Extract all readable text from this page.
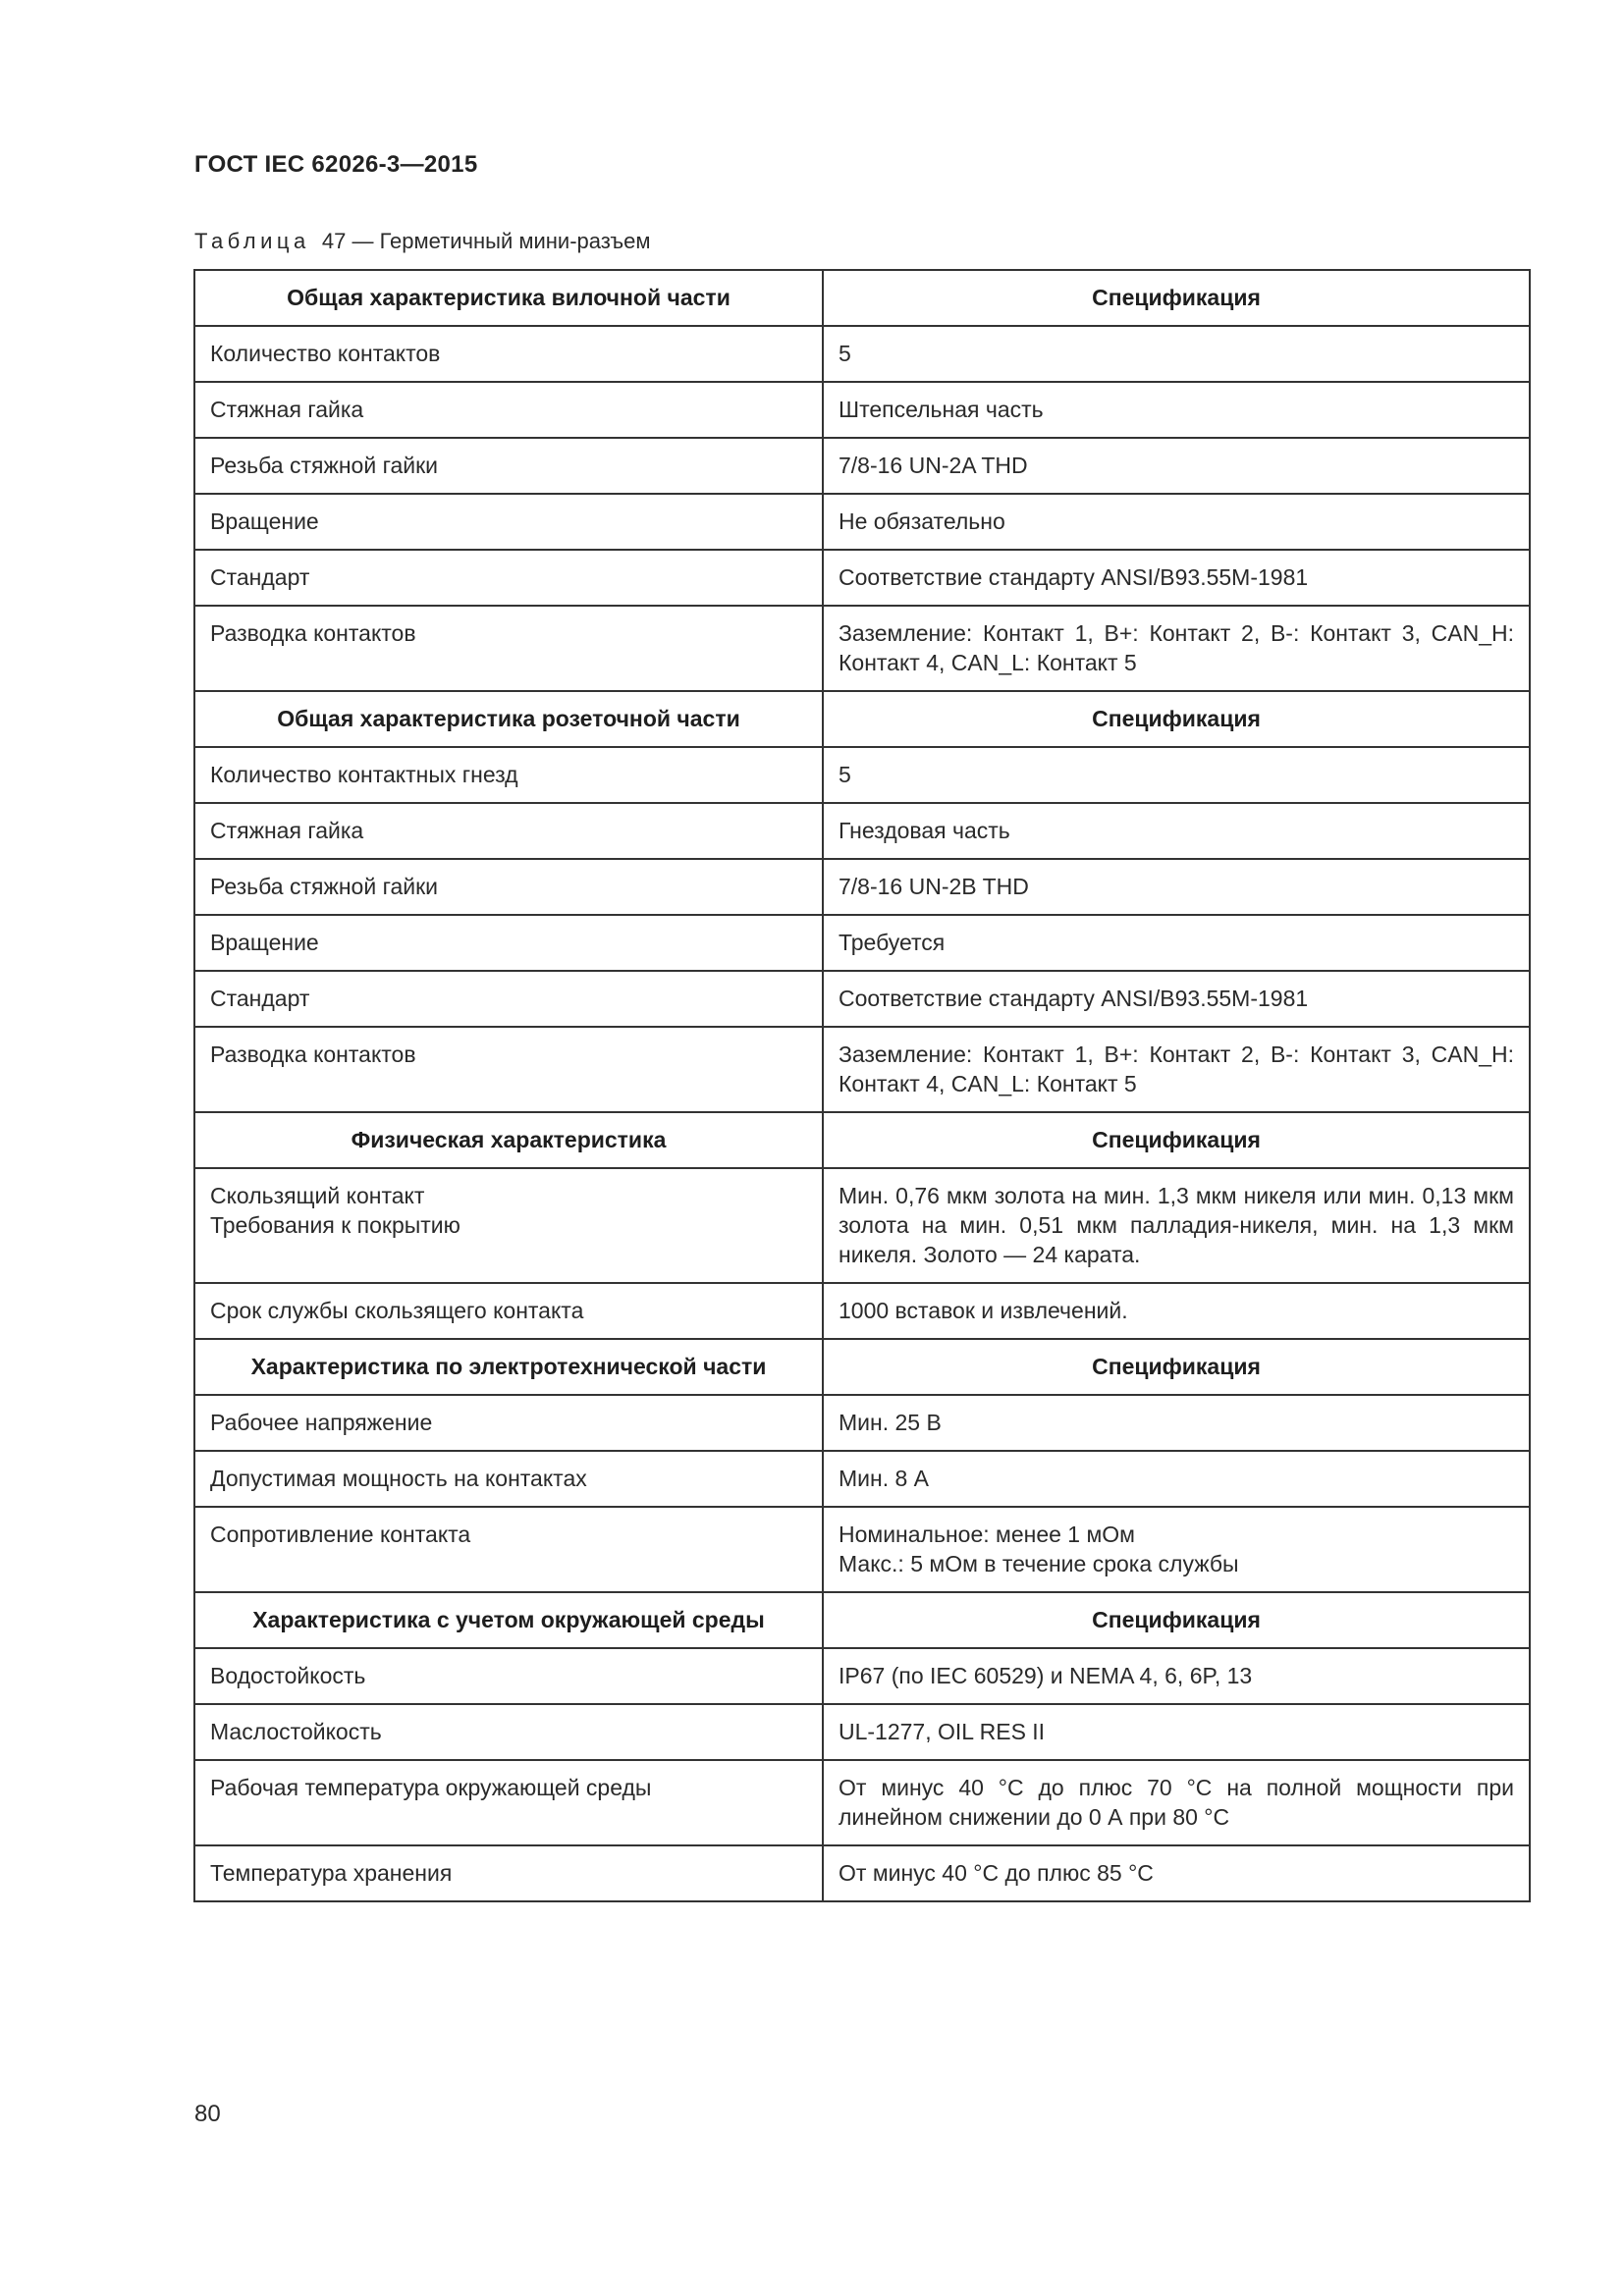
ГОСТ IEC 62026-3—2015
Таблица 47 — Герметичный мини-разъем
Общая характеристика вилочной части	Спецификация

Количество контактов	5

Стяжная гайка	Штепсельная часть

Резьба стяжной гайки	7/8-16 UN-2A THD

Вращение	Не обязательно

Стандарт	Соответствие стандарту ANSI/B93.55M-1981

Разводка контактов	Заземление: Контакт 1, B+: Контакт 2, B-: Контакт 3, CAN_H: Контакт 4, CAN_L: Контакт 5

Общая характеристика розеточной части	Спецификация

Количество контактных гнезд	5

Стяжная гайка	Гнездовая часть

Резьба стяжной гайки	7/8-16 UN-2B THD

Вращение	Требуется

Стандарт	Соответствие стандарту ANSI/B93.55M-1981

Разводка контактов	Заземление: Контакт 1, B+: Контакт 2, B-: Контакт 3, CAN_H: Контакт 4, CAN_L: Контакт 5

Физическая характеристика	Спецификация

Скользящий контакт
Требования к покрытию	Мин. 0,76 мкм золота на мин. 1,3 мкм никеля или мин. 0,13 мкм золота на мин. 0,51 мкм палладия-никеля, мин. на 1,3 мкм никеля. Золото — 24 карата.

Срок службы скользящего контакта	1000 вставок и извлечений.

Характеристика по электротехнической части	Спецификация

Рабочее напряжение	Мин. 25 В

Допустимая мощность на контактах	Мин. 8 А

Сопротивление контакта	Номинальное: менее 1 мОм
Макс.: 5 мОм в течение срока службы

Характеристика с учетом окружающей среды	Спецификация

Водостойкость	IP67 (по IEC 60529) и NEMA 4, 6, 6P, 13

Маслостойкость	UL-1277, OIL RES II

Рабочая температура окружающей среды	От минус 40 °С до плюс 70 °С на полной мощности при линейном снижении до 0 А при 80 °С

Температура хранения	От минус 40 °С до плюс 85 °С
80
